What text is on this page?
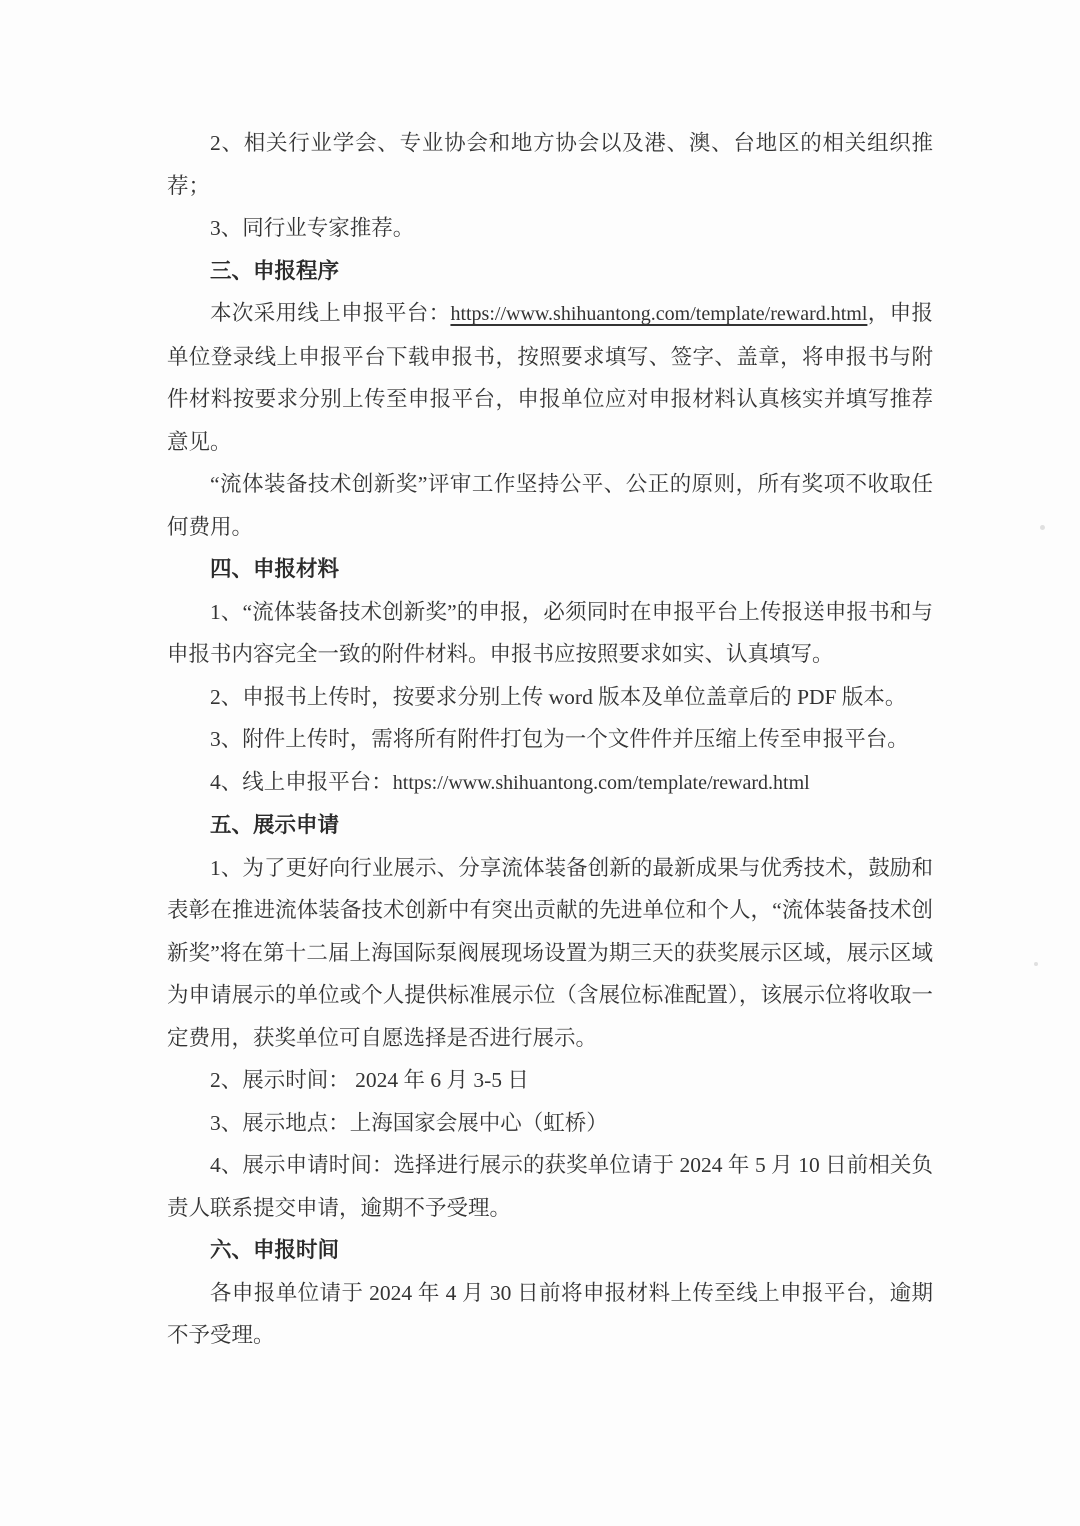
2、相关行业学会、专业协会和地方协会以及港、澳、台地区的相关组织推荐；

3、同行业专家推荐。

三、申报程序

本次采用线上申报平台：https://www.shihuantong.com/template/reward.html，申报单位登录线上申报平台下载申报书，按照要求填写、签字、盖章，将申报书与附件材料按要求分别上传至申报平台，申报单位应对申报材料认真核实并填写推荐意见。

“流体装备技术创新奖”评审工作坚持公平、公正的原则，所有奖项不收取任何费用。

四、申报材料

1、“流体装备技术创新奖”的申报，必须同时在申报平台上传报送申报书和与申报书内容完全一致的附件材料。申报书应按照要求如实、认真填写。

2、申报书上传时，按要求分别上传 word 版本及单位盖章后的 PDF 版本。

3、附件上传时，需将所有附件打包为一个文件件并压缩上传至申报平台。

4、线上申报平台：https://www.shihuantong.com/template/reward.html

五、展示申请

1、为了更好向行业展示、分享流体装备创新的最新成果与优秀技术，鼓励和表彰在推进流体装备技术创新中有突出贡献的先进单位和个人，“流体装备技术创新奖”将在第十二届上海国际泵阀展现场设置为期三天的获奖展示区域，展示区域为申请展示的单位或个人提供标准展示位（含展位标准配置），该展示位将收取一定费用，获奖单位可自愿选择是否进行展示。

2、展示时间： 2024 年 6 月 3-5 日

3、展示地点：上海国家会展中心（虹桥）

4、展示申请时间：选择进行展示的获奖单位请于 2024 年 5 月 10 日前相关负责人联系提交申请，逾期不予受理。

六、申报时间

各申报单位请于 2024 年 4 月 30 日前将申报材料上传至线上申报平台，逾期不予受理。
